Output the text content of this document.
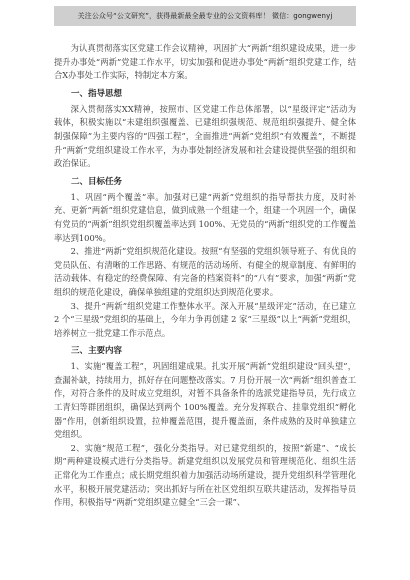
关注公众号“公文研究”，获得最新最全最专业的公文资料库！ 微信：gongwenyj

为认真贯彻落实区党建工作会议精神，巩固扩大“两新”组织建设成果，进一步提升办事处“两新”党建工作水平，切实加强和促进办事处“两新”组织党建工作，结合X办事处工作实际，特制定本方案。

一、指导思想

深入贯彻落实XX精神，按照市、区党建工作总体部署，以“星级评定”活动为载体，积极实施以“未建组织强覆盖、已建组织强规范、规范组织强提升、健全体制强保障”为主要内容的“四强工程”，全面推进“两新”党组织“有效覆盖”，不断提升“两新”党组织建设工作水平，为办事处制经济发展和社会建设提供坚强的组织和政治保证。

二、目标任务

1、巩固“两个覆盖”率。加强对已建“两新”党组织的指导帮扶力度，及时补充、更新“两新”组织党建信息，做到成熟一个组建一个，组建一个巩固一个，确保有党员的“两新”组织党组织覆盖率达到 100%、无党员的“两新”组织党的工作覆盖率达到100%。

2、推进“两新”党组织规范化建设。按照“有坚强的党组织领导班子、有优良的党员队伍、有清晰的工作思路、有规范的活动场所、有健全的规章制度、有鲜明的活动载体、有稳定的经费保障、有完备的档案资料”的“八有”要求，加强“两新”党组织的规范化建设，确保单独组建的党组织达到规范化要求。

3、提升“两新”组织党建工作整体水平。深入开展“星级评定”活动，在已建立 2 个“三星级”党组织的基础上，今年力争再创建 2 家“三星级”以上“两新”党组织，培养树立一批党建工作示范点。

三、主要内容

1、实施“覆盖工程”，巩固组建成果。扎实开展“两新”党组织建设“回头望”，查漏补缺，持续用力，抓好存在问题整改落实。7 月份开展一次“两新”组织普查工作，对符合条件的及时成立党组织，对暂不具备条件的选派党建指导员，先行成立工青妇等群团组织，确保达到两个 100%覆盖。充分发挥联合、挂靠党组织“孵化器”作用，创新组织设置，拉伸覆盖范围，提升覆盖面，条件成熟的及时单独建立党组织。

2、实施“规范工程”，强化分类指导。对已建党组织的，按照“新建”、“成长期”两种建设模式进行分类指导。新建党组织以发展党员和管理规范化、组织生活正常化为工作重点；成长期党组织着力加强活动场所建设，提升党组织科学管理化水平，积极开展党建活动；突出抓好与所在社区党组织互联共建活动，发挥指导员作用，积极指导“两新”党组织建立健全“三会一课”、
